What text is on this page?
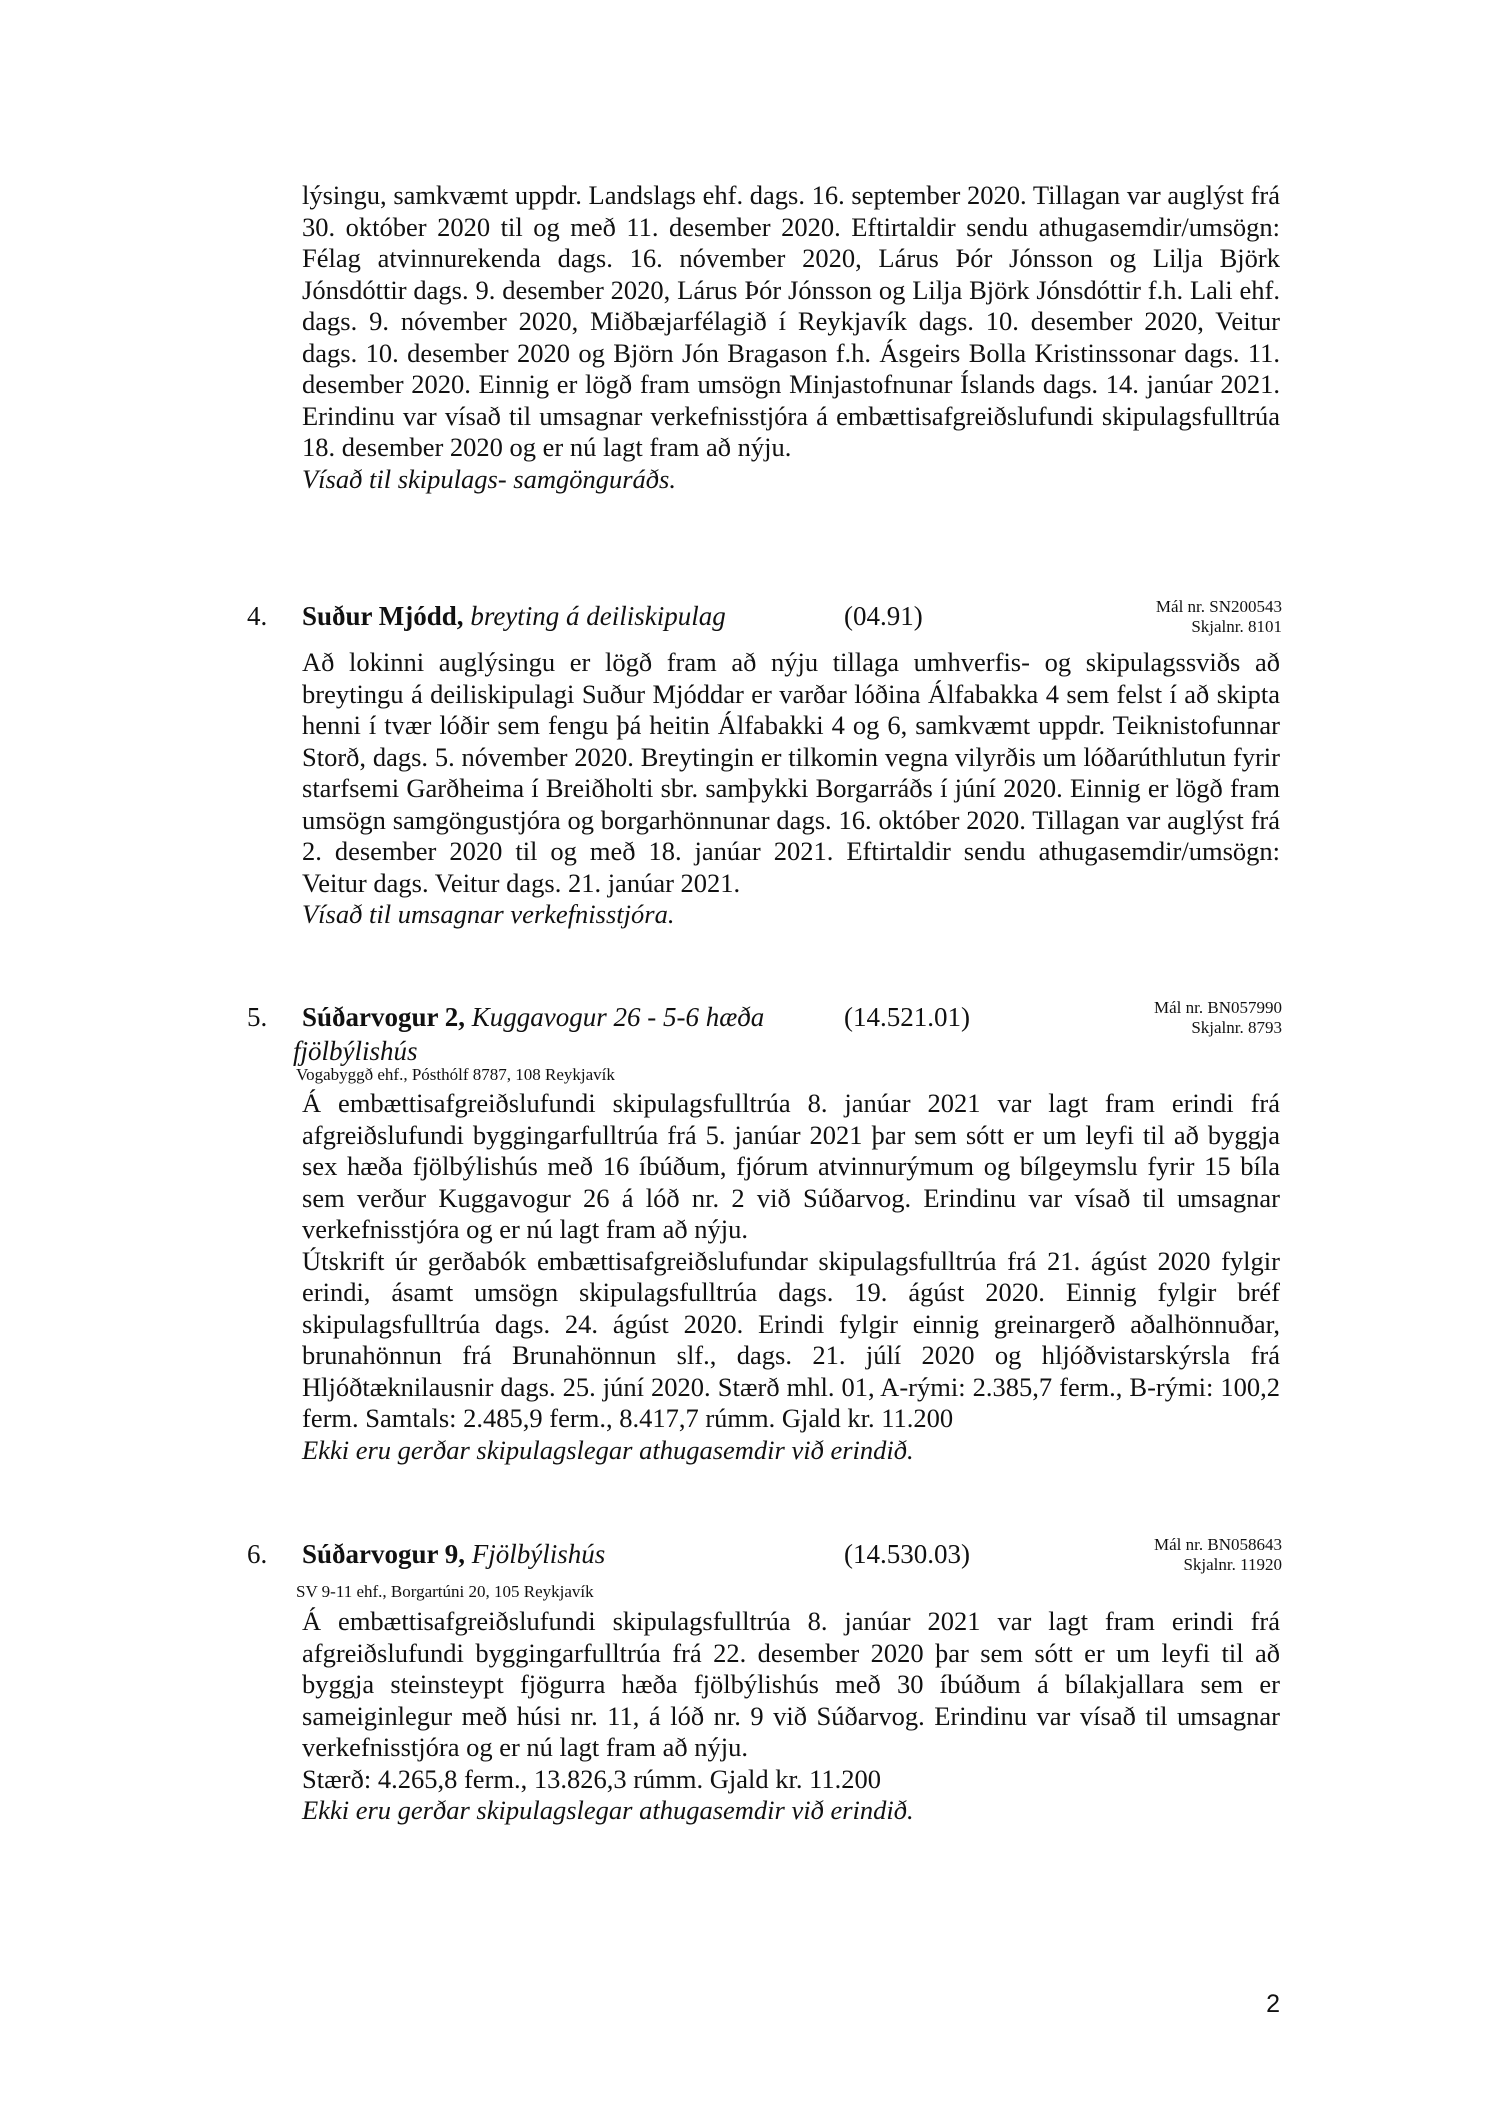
lýsingu, samkvæmt uppdr. Landslags ehf. dags. 16. september 2020. Tillagan var auglýst frá 30. október 2020 til og með 11. desember 2020. Eftirtaldir sendu athugasemdir/umsögn: Félag atvinnurekenda dags. 16. nóvember 2020, Lárus Þór Jónsson og Lilja Björk Jónsdóttir dags. 9. desember 2020, Lárus Þór Jónsson og Lilja Björk Jónsdóttir f.h. Lali ehf. dags. 9. nóvember 2020, Miðbæjarfélagið í Reykjavík dags. 10. desember 2020, Veitur dags. 10. desember 2020 og Björn Jón Bragason f.h. Ásgeirs Bolla Kristinssonar dags. 11. desember 2020. Einnig er lögð fram umsögn Minjastofnunar Íslands dags. 14. janúar 2021. Erindinu var vísað til umsagnar verkefnisstjóra á embættisafgreiðslufundi skipulagsfulltrúa 18. desember 2020 og er nú lagt fram að nýju.

Vísað til skipulags- samgönguráðs.

4. Suður Mjódd, breyting á deiliskipulag	(04.91)	Mál nr. SN200543
Skjalnr. 8101

Að lokinni auglýsingu er lögð fram að nýju tillaga umhverfis- og skipulagssviðs að breytingu á deiliskipulagi Suður Mjóddar er varðar lóðina Álfabakka 4 sem felst í að skipta henni í tvær lóðir sem fengu þá heitin Álfabakki 4 og 6, samkvæmt uppdr. Teiknistofunnar Storð, dags. 5. nóvember 2020. Breytingin er tilkomin vegna vilyrðis um lóðarúthlutun fyrir starfsemi Garðheima í Breiðholti sbr. samþykki Borgarráðs í júní 2020. Einnig er lögð fram umsögn samgöngustjóra og borgarhönnunar dags. 16. október 2020. Tillagan var auglýst frá 2. desember 2020 til og með 18. janúar 2021. Eftirtaldir sendu athugasemdir/umsögn: Veitur dags. Veitur dags. 21. janúar 2021.

Vísað til umsagnar verkefnisstjóra.

5. Súðarvogur 2, Kuggavogur 26 - 5-6 hæða
fjölbýlishús
(14.521.01)	Mál nr. BN057990
Skjalnr. 8793
Vogabyggð ehf., Pósthólf 8787, 108 Reykjavík

Á embættisafgreiðslufundi skipulagsfulltrúa 8. janúar 2021 var lagt fram erindi frá afgreiðslufundi byggingarfulltrúa frá 5. janúar 2021 þar sem sótt er um leyfi til að byggja sex hæða fjölbýlishús með 16 íbúðum, fjórum atvinnurýmum og bílgeymslu fyrir 15 bíla sem verður Kuggavogur 26 á lóð nr. 2 við Súðarvog. Erindinu var vísað til umsagnar verkefnisstjóra og er nú lagt fram að nýju.

Útskrift úr gerðabók embættisafgreiðslufundar skipulagsfulltrúa frá 21. ágúst 2020 fylgir erindi, ásamt umsögn skipulagsfulltrúa dags. 19. ágúst 2020. Einnig fylgir bréf skipulagsfulltrúa dags. 24. ágúst 2020. Erindi fylgir einnig greinargerð aðalhönnuðar, brunahönnun frá Brunahönnun slf., dags. 21. júlí 2020 og hljóðvistarskýrsla frá Hljóðtæknilausnir dags. 25. júní 2020. Stærð mhl. 01, A-rými: 2.385,7 ferm., B-rými: 100,2 ferm. Samtals: 2.485,9 ferm., 8.417,7 rúmm. Gjald kr. 11.200

Ekki eru gerðar skipulagslegar athugasemdir við erindið.

6. Súðarvogur 9, Fjölbýlishús	(14.530.03)	Mál nr. BN058643
Skjalnr. 11920
SV 9-11 ehf., Borgartúni 20, 105 Reykjavík

Á embættisafgreiðslufundi skipulagsfulltrúa 8. janúar 2021 var lagt fram erindi frá afgreiðslufundi byggingarfulltrúa frá 22. desember 2020 þar sem sótt er um leyfi til að byggja steinsteypt fjögurra hæða fjölbýlishús með 30 íbúðum á bílakjallara sem er sameiginlegur með húsi nr. 11, á lóð nr. 9 við Súðarvog. Erindinu var vísað til umsagnar verkefnisstjóra og er nú lagt fram að nýju.

Stærð: 4.265,8 ferm., 13.826,3 rúmm. Gjald kr. 11.200

Ekki eru gerðar skipulagslegar athugasemdir við erindið.

2
